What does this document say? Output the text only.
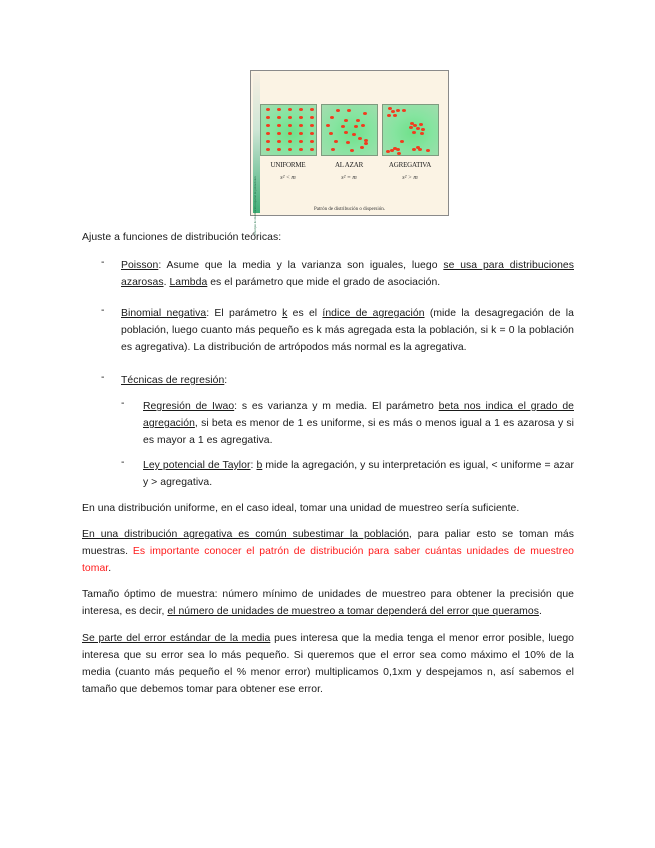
Principio de distribución espacial de poblaciones
UNIFORME	AL AZAR	AGREGATIVA
s² < m	s² = m	s² > m
Patrón de distribución o dispersión.
Ajuste a funciones de distribución teóricas:
- Poisson: Asume que la media y la varianza son iguales, luego se usa para distribuciones azarosas. Lambda es el parámetro que mide el grado de asociación.
- Binomial negativa: El parámetro k es el índice de agregación (mide la desagregación de la población, luego cuanto más pequeño es k más agregada esta la población, si k = 0 la población es agregativa). La distribución de artrópodos más normal es la agregativa.
- Técnicas de regresión:
- Regresión de Iwao: s es varianza y m media. El parámetro beta nos indica el grado de agregación, si beta es menor de 1 es uniforme, si es más o menos igual a 1 es azarosa y si es mayor a 1 es agregativa.
- Ley potencial de Taylor: b mide la agregación, y su interpretación es igual, < uniforme = azar y > agregativa.
En una distribución uniforme, en el caso ideal, tomar una unidad de muestreo sería suficiente.
En una distribución agregativa es común subestimar la población, para paliar esto se toman más muestras. Es importante conocer el patrón de distribución para saber cuántas unidades de muestreo tomar.
Tamaño óptimo de muestra: número mínimo de unidades de muestreo para obtener la precisión que interesa, es decir, el número de unidades de muestreo a tomar dependerá del error que queramos.
Se parte del error estándar de la media pues interesa que la media tenga el menor error posible, luego interesa que su error sea lo más pequeño. Si queremos que el error sea como máximo el 10% de la media (cuanto más pequeño el % menor error) multiplicamos 0,1xm y despejamos n, así sabemos el tamaño que debemos tomar para obtener ese error.
